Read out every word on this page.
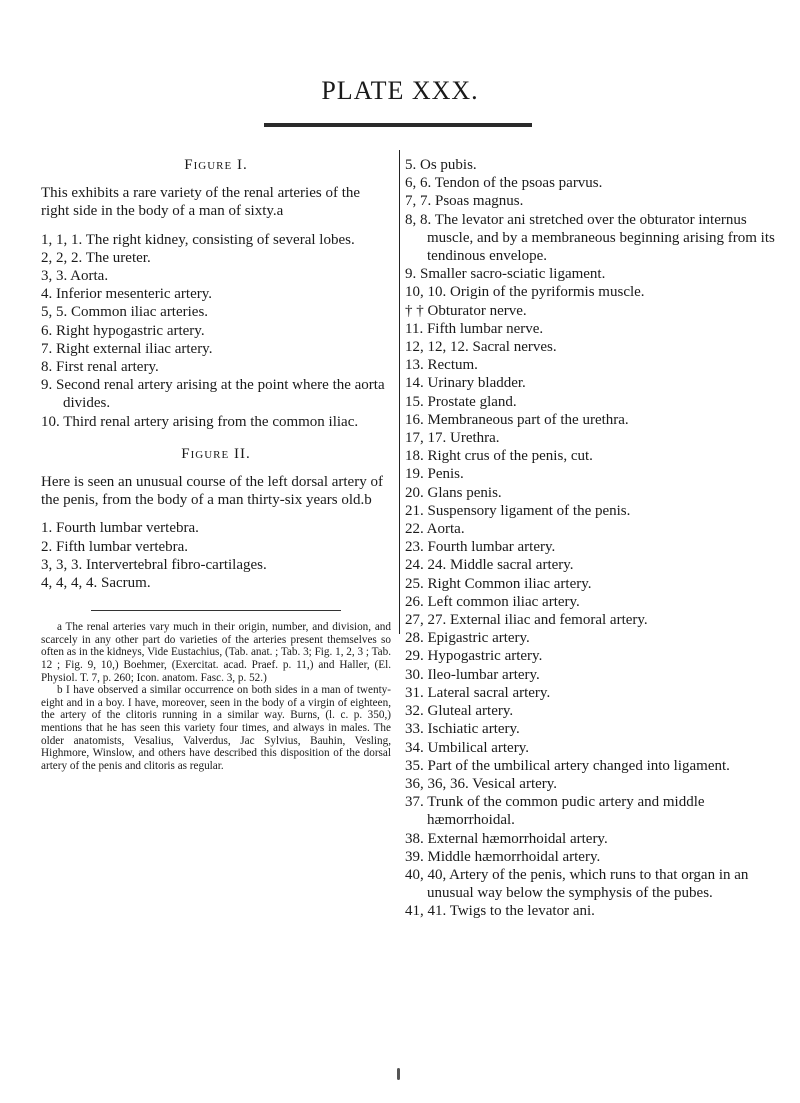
PLATE XXX.

Figure I.

This exhibits a rare variety of the renal arteries of the right side in the body of a man of sixty.a

1, 1, 1. The right kidney, consisting of several lobes.

2, 2, 2. The ureter.

3, 3. Aorta.

4. Inferior mesenteric artery.

5, 5. Common iliac arteries.

6. Right hypogastric artery.

7. Right external iliac artery.

8. First renal artery.

9. Second renal artery arising at the point where the aorta divides.

10. Third renal artery arising from the common iliac.

Figure II.

Here is seen an unusual course of the left dorsal artery of the penis, from the body of a man thirty-six years old.b

1. Fourth lumbar vertebra.

2. Fifth lumbar vertebra.

3, 3, 3. Intervertebral fibro-cartilages.

4, 4, 4, 4. Sacrum.

a The renal arteries vary much in their origin, number, and division, and scarcely in any other part do varieties of the arteries present themselves so often as in the kidneys, Vide Eustachius, (Tab. anat. ; Tab. 3; Fig. 1, 2, 3 ; Tab. 12 ; Fig. 9, 10,) Boehmer, (Exercitat. acad. Praef. p. 11,) and Haller, (El. Physiol. T. 7, p. 260; Icon. anatom. Fasc. 3, p. 52.)

b I have observed a similar occurrence on both sides in a man of twenty-eight and in a boy. I have, moreover, seen in the body of a virgin of eighteen, the artery of the clitoris running in a similar way. Burns, (l. c. p. 350,) mentions that he has seen this variety four times, and always in males. The older anatomists, Vesalius, Valverdus, Jac Sylvius, Bauhin, Vesling, Highmore, Winslow, and others have described this disposition of the dorsal artery of the penis and clitoris as regular.

5. Os pubis.

6, 6. Tendon of the psoas parvus.

7, 7. Psoas magnus.

8, 8. The levator ani stretched over the obturator internus muscle, and by a membraneous beginning arising from its tendinous envelope.

9. Smaller sacro-sciatic ligament.

10, 10. Origin of the pyriformis muscle.

† † Obturator nerve.

11. Fifth lumbar nerve.

12, 12, 12. Sacral nerves.

13. Rectum.

14. Urinary bladder.

15. Prostate gland.

16. Membraneous part of the urethra.

17, 17. Urethra.

18. Right crus of the penis, cut.

19. Penis.

20. Glans penis.

21. Suspensory ligament of the penis.

22. Aorta.

23. Fourth lumbar artery.

24. 24. Middle sacral artery.

25. Right Common iliac artery.

26. Left common iliac artery.

27, 27. External iliac and femoral artery.

28. Epigastric artery.

29. Hypogastric artery.

30. Ileo-lumbar artery.

31. Lateral sacral artery.

32. Gluteal artery.

33. Ischiatic artery.

34. Umbilical artery.

35. Part of the umbilical artery changed into ligament.

36, 36, 36. Vesical artery.

37. Trunk of the common pudic artery and middle hæmorrhoidal.

38. External hæmorrhoidal artery.

39. Middle hæmorrhoidal artery.

40, 40, Artery of the penis, which runs to that organ in an unusual way below the symphysis of the pubes.

41, 41. Twigs to the levator ani.
